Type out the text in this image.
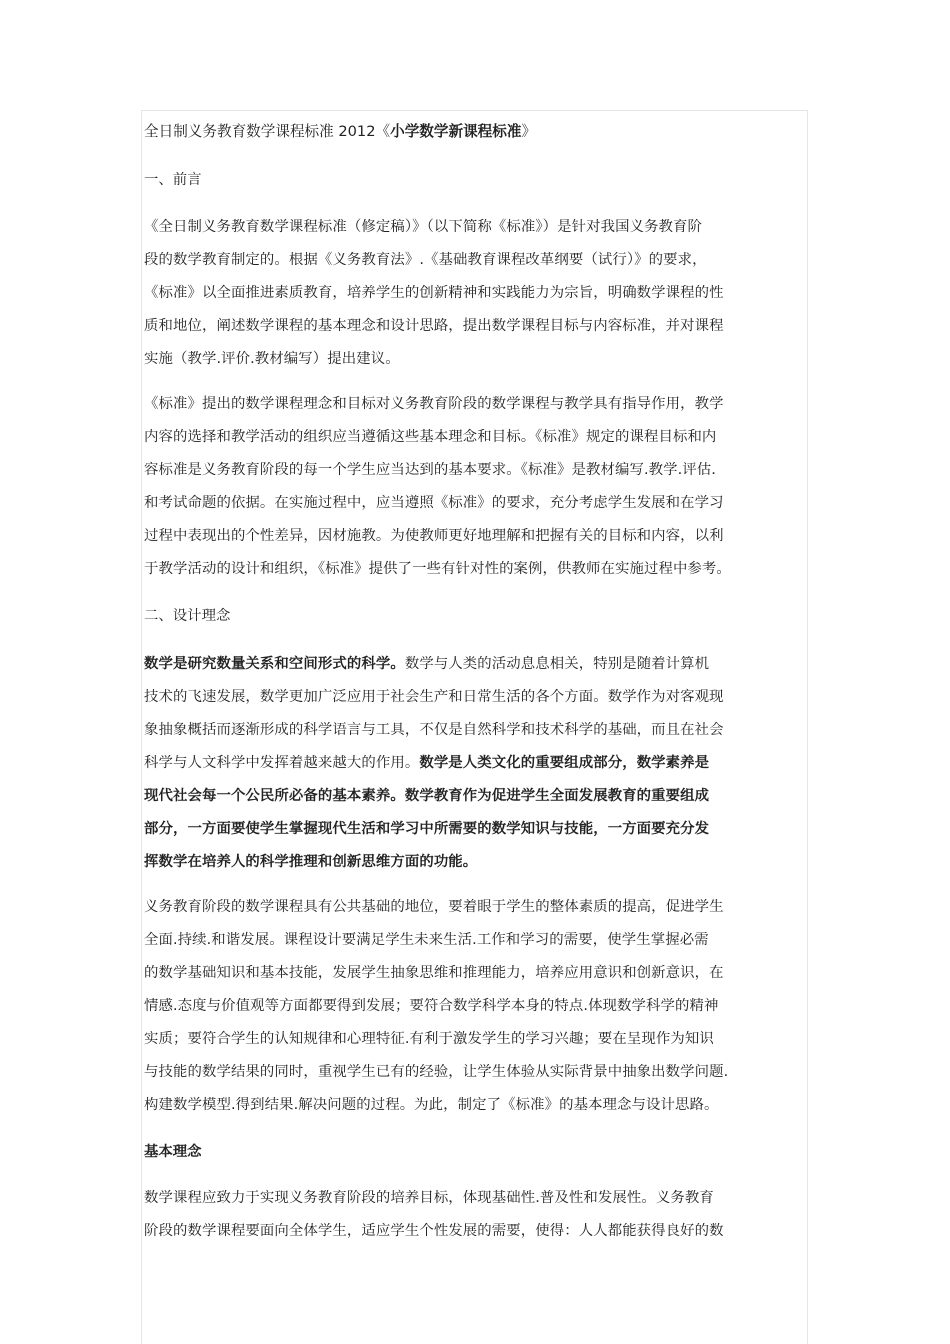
全日制义务教育数学课程标准 2012《小学数学新课程标准》
一、前言
《全日制义务教育数学课程标准（修定稿）》（以下简称《标准》）是针对我国义务教育阶
段的数学教育制定的。根据《义务教育法》.《基础教育课程改革纲要（试行）》的要求，
《标准》以全面推进素质教育，培养学生的创新精神和实践能力为宗旨，明确数学课程的性
质和地位，阐述数学课程的基本理念和设计思路，提出数学课程目标与内容标准，并对课程
实施（教学.评价.教材编写）提出建议。
《标准》提出的数学课程理念和目标对义务教育阶段的数学课程与教学具有指导作用，教学
内容的选择和教学活动的组织应当遵循这些基本理念和目标。《标准》规定的课程目标和内
容标准是义务教育阶段的每一个学生应当达到的基本要求。《标准》是教材编写.教学.评估.
和考试命题的依据。在实施过程中，应当遵照《标准》的要求，充分考虑学生发展和在学习
过程中表现出的个性差异，因材施教。为使教师更好地理解和把握有关的目标和内容，以利
于教学活动的设计和组织，《标准》提供了一些有针对性的案例，供教师在实施过程中参考。
二、设计理念
数学是研究数量关系和空间形式的科学。数学与人类的活动息息相关，特别是随着计算机
技术的飞速发展，数学更加广泛应用于社会生产和日常生活的各个方面。数学作为对客观现
象抽象概括而逐渐形成的科学语言与工具，不仅是自然科学和技术科学的基础，而且在社会
科学与人文科学中发挥着越来越大的作用。数学是人类文化的重要组成部分，数学素养是
现代社会每一个公民所必备的基本素养。数学教育作为促进学生全面发展教育的重要组成
部分，一方面要使学生掌握现代生活和学习中所需要的数学知识与技能，一方面要充分发
挥数学在培养人的科学推理和创新思维方面的功能。
义务教育阶段的数学课程具有公共基础的地位，要着眼于学生的整体素质的提高，促进学生
全面.持续.和谐发展。课程设计要满足学生未来生活.工作和学习的需要，使学生掌握必需
的数学基础知识和基本技能，发展学生抽象思维和推理能力，培养应用意识和创新意识，在
情感.态度与价值观等方面都要得到发展；要符合数学科学本身的特点.体现数学科学的精神
实质；要符合学生的认知规律和心理特征.有利于激发学生的学习兴趣；要在呈现作为知识
与技能的数学结果的同时，重视学生已有的经验，让学生体验从实际背景中抽象出数学问题.
构建数学模型.得到结果.解决问题的过程。为此，制定了《标准》的基本理念与设计思路。
基本理念
数学课程应致力于实现义务教育阶段的培养目标，体现基础性.普及性和发展性。义务教育
阶段的数学课程要面向全体学生，适应学生个性发展的需要，使得：人人都能获得良好的数
